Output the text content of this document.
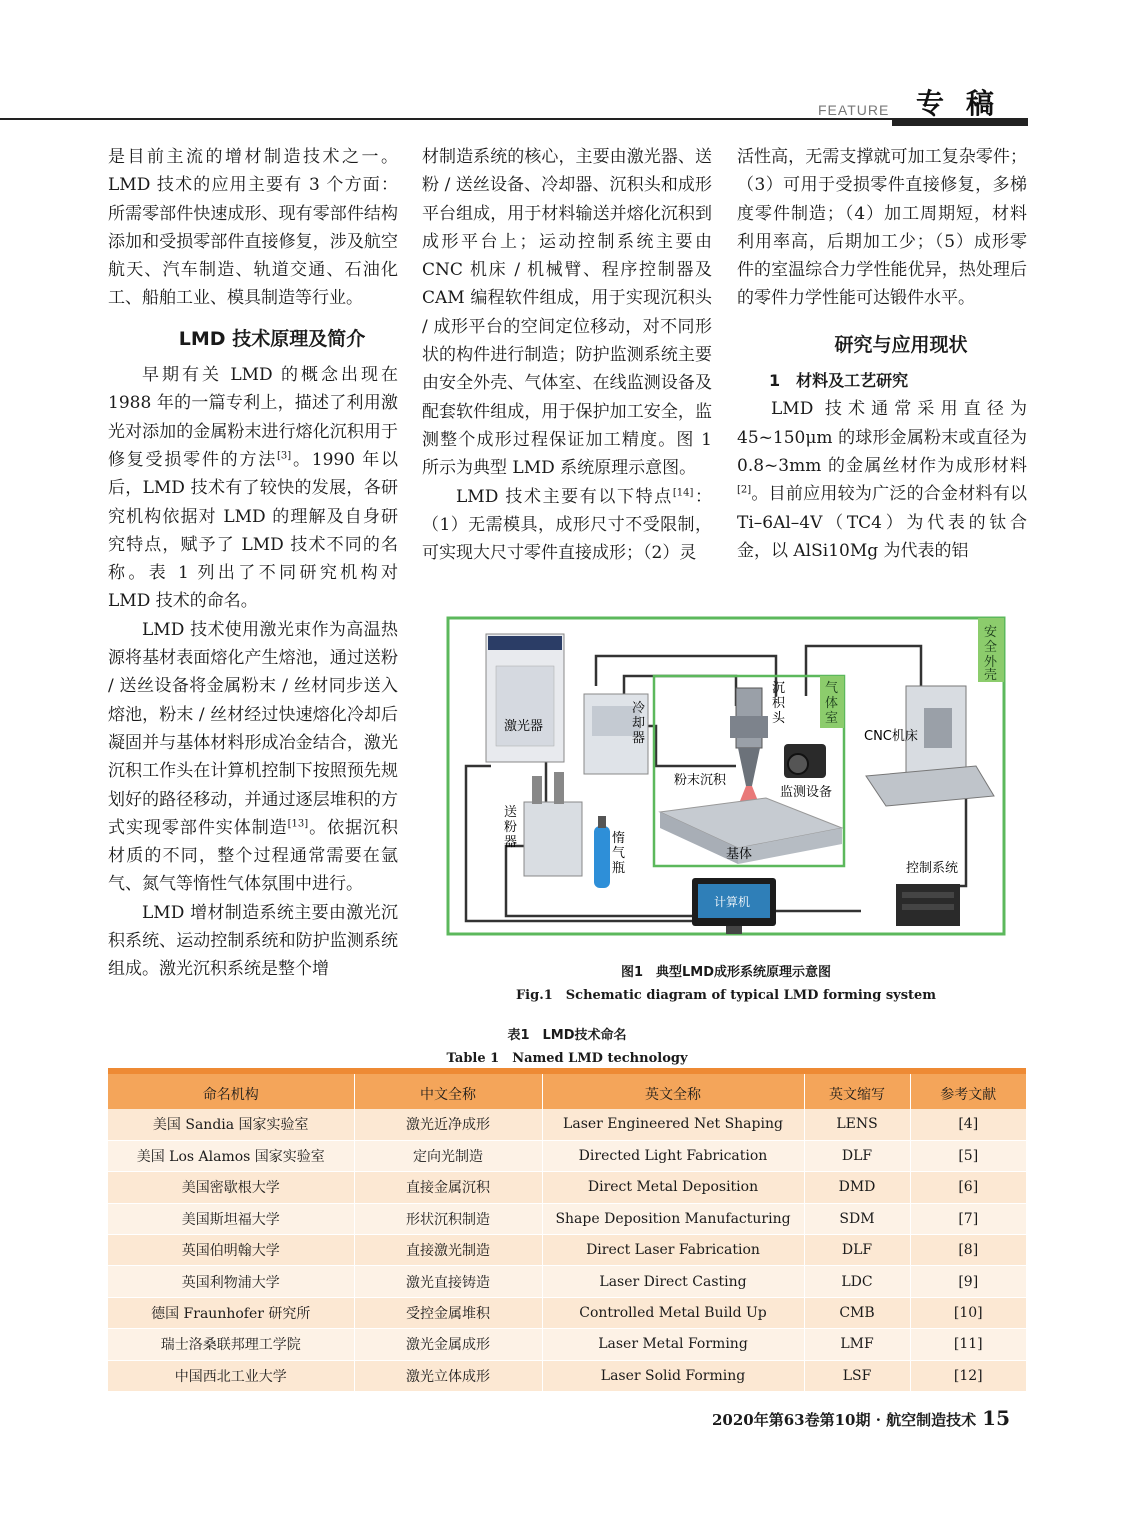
FEATURE 专稿

是目前主流的增材制造技术之一。LMD 技术的应用主要有 3 个方面：所需零部件快速成形、现有零部件结构添加和受损零部件直接修复，涉及航空航天、汽车制造、轨道交通、石油化工、船舶工业、模具制造等行业。

LMD 技术原理及简介

早期有关 LMD 的概念出现在 1988 年的一篇专利上，描述了利用激光对添加的金属粉末进行熔化沉积用于修复受损零件的方法[3]。1990 年以后，LMD 技术有了较快的发展，各研究机构依据对 LMD 的理解及自身研究特点，赋予了 LMD 技术不同的名称。表 1 列出了不同研究机构对 LMD 技术的命名。

LMD 技术使用激光束作为高温热源将基材表面熔化产生熔池，通过送粉 / 送丝设备将金属粉末 / 丝材同步送入熔池，粉末 / 丝材经过快速熔化冷却后凝固并与基体材料形成冶金结合，激光沉积工作头在计算机控制下按照预先规划好的路径移动，并通过逐层堆积的方式实现零部件实体制造[13]。依据沉积材质的不同，整个过程通常需要在氩气、氮气等惰性气体氛围中进行。

LMD 增材制造系统主要由激光沉积系统、运动控制系统和防护监测系统组成。激光沉积系统是整个增

材制造系统的核心，主要由激光器、送粉 / 送丝设备、冷却器、沉积头和成形平台组成，用于材料输送并熔化沉积到成形平台上；运动控制系统主要由 CNC 机床 / 机械臂、程序控制器及 CAM 编程软件组成，用于实现沉积头 / 成形平台的空间定位移动，对不同形状的构件进行制造；防护监测系统主要由安全外壳、气体室、在线监测设备及配套软件组成，用于保护加工安全，监测整个成形过程保证加工精度。图 1 所示为典型 LMD 系统原理示意图。

LMD 技术主要有以下特点[14]：（1）无需模具，成形尺寸不受限制，可实现大尺寸零件直接成形；（2）灵

活性高，无需支撑就可加工复杂零件；（3）可用于受损零件直接修复，多梯度零件制造；（4）加工周期短，材料利用率高，后期加工少；（5）成形零件的室温综合力学性能优异，热处理后的零件力学性能可达锻件水平。

研究与应用现状

1　材料及工艺研究

LMD 技术通常采用直径为 45~150μm 的球形金属粉末或直径为 0.8~3mm 的金属丝材作为成形材料[2]。目前应用较为广泛的合金材料有以 Ti–6Al–4V（TC4）为代表的钛合金，以 AlSi10Mg 为代表的铝

安 全 外 壳
气 体 室
激光器
冷 却 器
沉 积 头
粉末沉积
监测设备
基体
CNC机床
送 粉 器	惰 气 瓶	控制系统
计算机
图1　典型LMD成形系统原理示意图
Fig.1　Schematic diagram of typical LMD forming system
表1　LMD技术命名
Table 1　Named LMD technology
命名机构	中文全称	英文全称	英文缩写	参考文献
美国 Sandia 国家实验室	激光近净成形	Laser Engineered Net Shaping	LENS	[4]
美国 Los Alamos 国家实验室	定向光制造	Directed Light Fabrication	DLF	[5]
美国密歇根大学	直接金属沉积	Direct Metal Deposition	DMD	[6]
美国斯坦福大学	形状沉积制造	Shape Deposition Manufacturing	SDM	[7]
英国伯明翰大学	直接激光制造	Direct Laser Fabrication	DLF	[8]
英国利物浦大学	激光直接铸造	Laser Direct Casting	LDC	[9]
德国 Fraunhofer 研究所	受控金属堆积	Controlled Metal Build Up	CMB	[10]
瑞士洛桑联邦理工学院	激光金属成形	Laser Metal Forming	LMF	[11]
中国西北工业大学	激光立体成形	Laser Solid Forming	LSF	[12]
2020年第63卷第10期 · 航空制造技术 15
